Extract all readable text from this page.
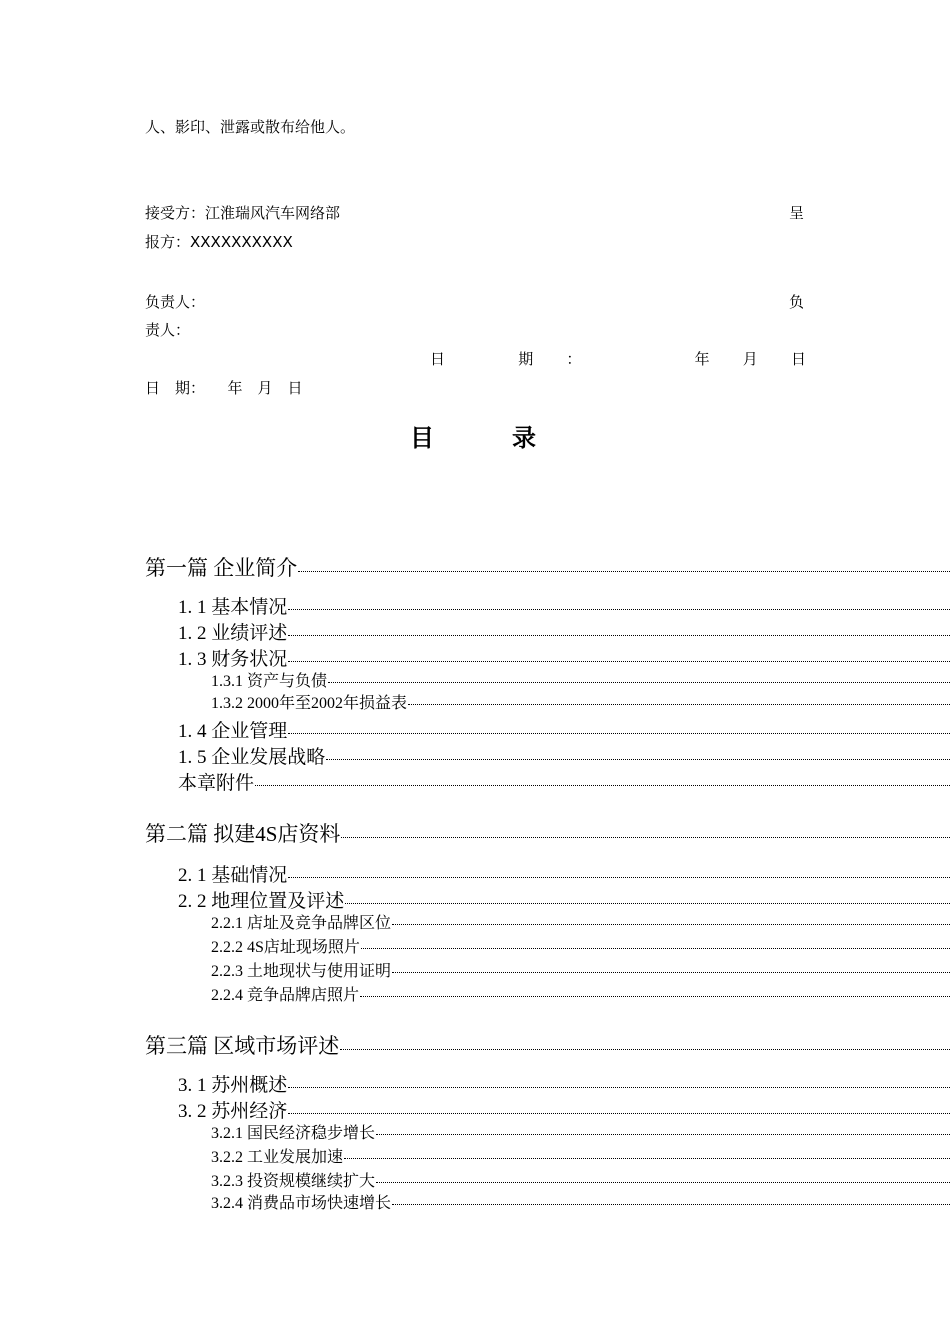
人、影印、泄露或散布给他人。
接受方：江淮瑞风汽车网络部	呈
报方：XXXXXXXXXX
负责人：	负
责人：
日	期 ：	年 月 日
日　期：　　年　月　日
目	录
第一篇 企业简介
1. 1 基本情况
1. 2 业绩评述
1. 3 财务状况
1.3.1 资产与负债
1.3.2 2000年至2002年损益表
1. 4 企业管理
1. 5 企业发展战略
本章附件
第二篇 拟建4S店资料
2. 1 基础情况
2. 2 地理位置及评述
2.2.1 店址及竞争品牌区位
2.2.2 4S店址现场照片
2.2.3 土地现状与使用证明
2.2.4 竞争品牌店照片
第三篇 区域市场评述
3. 1 苏州概述
3. 2 苏州经济
3.2.1 国民经济稳步增长
3.2.2 工业发展加速
3.2.3 投资规模继续扩大
3.2.4 消费品市场快速增长
